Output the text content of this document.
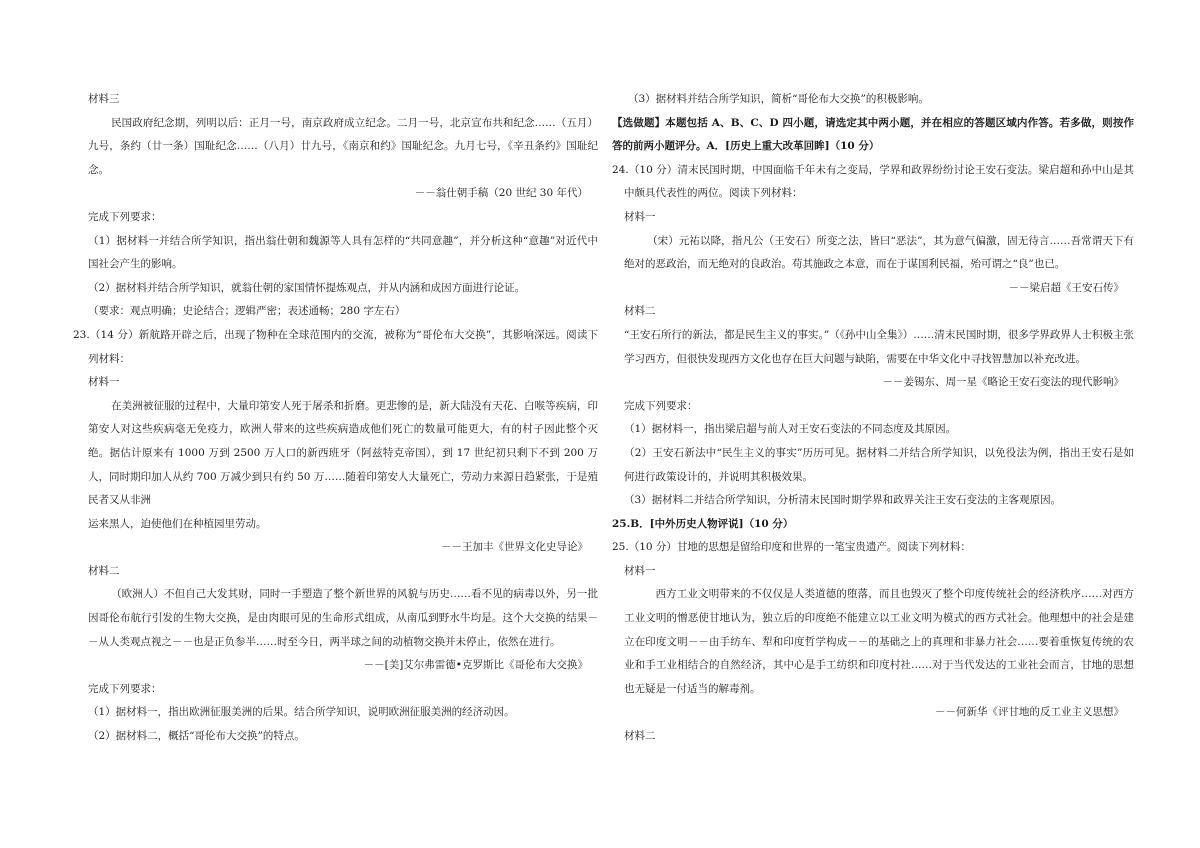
材料三

民国政府纪念期，列明以后：正月一号，南京政府成立纪念。二月一号，北京宣布共和纪念……（五月）九号，条约（廿一条）国耻纪念……（八月）廿九号，《南京和约》国耻纪念。九月七号，《辛丑条约》国耻纪念。

－－翁仕朝手稿（20 世纪 30 年代）

完成下列要求：

（1）据材料一并结合所学知识，指出翁仕朝和魏源等人具有怎样的“共同意趣”，并分析这种“意趣”对近代中国社会产生的影响。

（2）据材料并结合所学知识，就翁仕朝的家国情怀提炼观点，并从内涵和成因方面进行论证。

（要求：观点明确；史论结合；逻辑严密；表述通畅；280 字左右）

23.（14 分）新航路开辟之后，出现了物种在全球范围内的交流，被称为“哥伦布大交换”，其影响深远。阅读下列材料：

材料一

在美洲被征服的过程中，大量印第安人死于屠杀和折磨。更悲惨的是，新大陆没有天花、白喉等疾病，印第安人对这些疾病毫无免疫力，欧洲人带来的这些疾病造成他们死亡的数量可能更大，有的村子因此整个灭绝。据估计原来有 1000 万到 2500 万人口的新西班牙（阿兹特克帝国），到 17 世纪初只剩下不到 200 万人，同时期印加人从约 700 万减少到只有约 50 万……随着印第安人大量死亡，劳动力来源日趋紧张，于是殖民者又从非洲

运来黑人，迫使他们在种植园里劳动。

－－王加丰《世界文化史导论》

材料二

（欧洲人）不但自己大发其财，同时一手塑造了整个新世界的风貌与历史……看不见的病毒以外，另一批因哥伦布航行引发的生物大交换，是由肉眼可见的生命形式组成，从南瓜到野水牛均是。这个大交换的结果－－从人类观点视之－－也是正负参半……时至今日，两半球之间的动植物交换并未停止，依然在进行。

－－[美]艾尔弗雷德•克罗斯比《哥伦布大交换》

完成下列要求：

（1）据材料一，指出欧洲征服美洲的后果。结合所学知识，说明欧洲征服美洲的经济动因。

（2）据材料二，概括“哥伦布大交换”的特点。

（3）据材料并结合所学知识，简析“哥伦布大交换”的积极影响。

【选做题】本题包括 A、B、C、D 四小题，请选定其中两小题，并在相应的答题区域内作答。若多做，则按作答的前两小题评分。A．[历史上重大改革回眸]（10 分）

24.（10 分）清末民国时期，中国面临千年未有之变局，学界和政界纷纷讨论王安石变法。梁启超和孙中山是其中颇具代表性的两位。阅读下列材料：

材料一

（宋）元祐以降，指凡公（王安石）所变之法，皆曰“恶法”，其为意气偏激，固无待言……吾常谓天下有绝对的恶政治，而无绝对的良政治。苟其施政之本意，而在于谋国利民福，殆可谓之“良”也已。

－－梁启超《王安石传》

材料二

“王安石所行的新法，都是民生主义的事实。”（《孙中山全集》）……清末民国时期，很多学界政界人士积极主张学习西方，但很快发现西方文化也存在巨大问题与缺陷，需要在中华文化中寻找智慧加以补充改进。

－－姜锡东、周一星《略论王安石变法的现代影响》

完成下列要求：

（1）据材料一，指出梁启超与前人对王安石变法的不同态度及其原因。

（2）王安石新法中“民生主义的事实”历历可见。据材料二并结合所学知识，以免役法为例，指出王安石是如何进行政策设计的，并说明其积极效果。

（3）据材料二并结合所学知识，分析清末民国时期学界和政界关注王安石变法的主客观原因。

25.B．[中外历史人物评说]（10 分）

25.（10 分）甘地的思想是留给印度和世界的一笔宝贵遗产。阅读下列材料：

材料一

西方工业文明带来的不仅仅是人类道德的堕落，而且也毁灭了整个印度传统社会的经济秩序……对西方工业文明的憎恶使甘地认为，独立后的印度绝不能建立以工业文明为模式的西方式社会。他理想中的社会是建立在印度文明－－由手纺车、犁和印度哲学构成－－的基础之上的真理和非暴力社会……要着重恢复传统的农业和手工业相结合的自然经济，其中心是手工纺织和印度村社……对于当代发达的工业社会而言，甘地的思想也无疑是一付适当的解毒剂。

－－何新华《评甘地的反工业主义思想》

材料二
